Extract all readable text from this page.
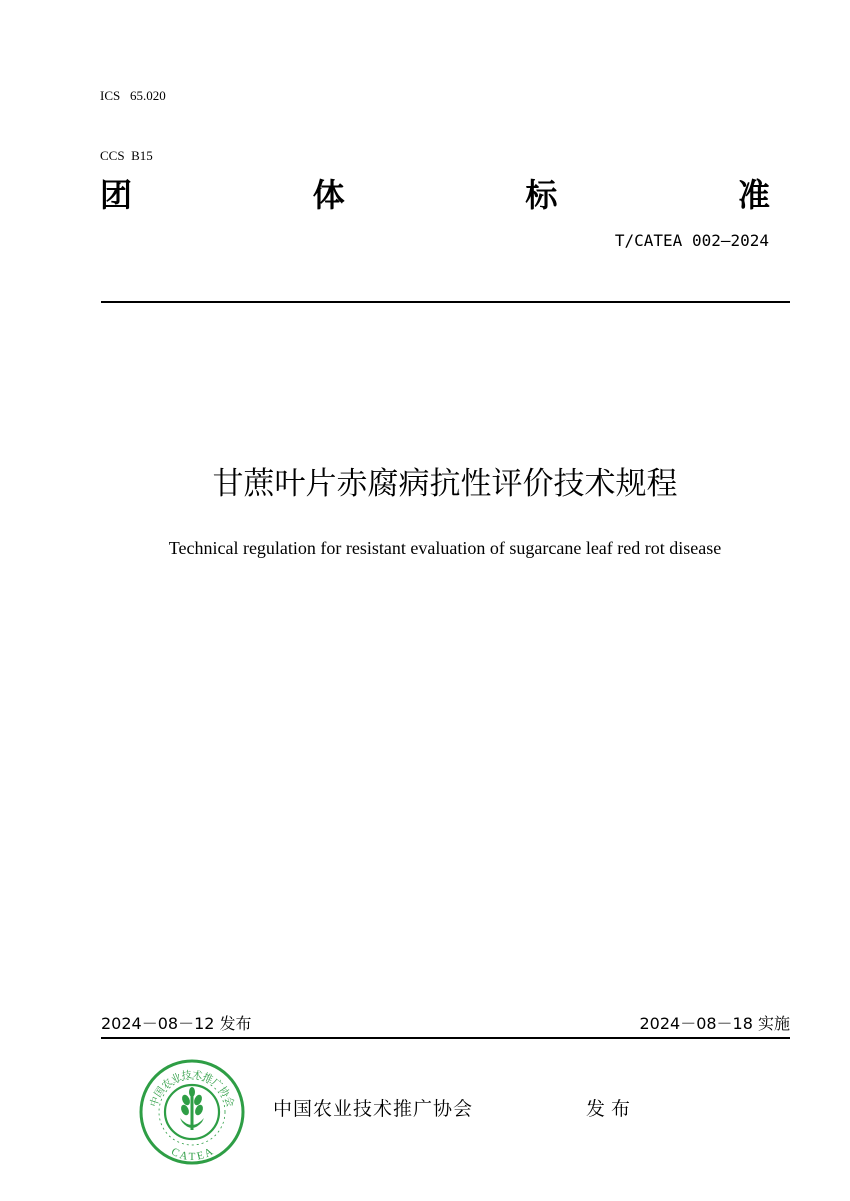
ICS   65.020

CCS  B15

团	体	标	准
T/CATEA 002—2024
甘蔗叶片赤腐病抗性评价技术规程
Technical regulation for resistant evaluation of sugarcane leaf red rot disease
2024－08－12 发布	2024－08－18 实施
中国农业技术推广协会
C A T E A
中国农业技术推广协会	发 布
